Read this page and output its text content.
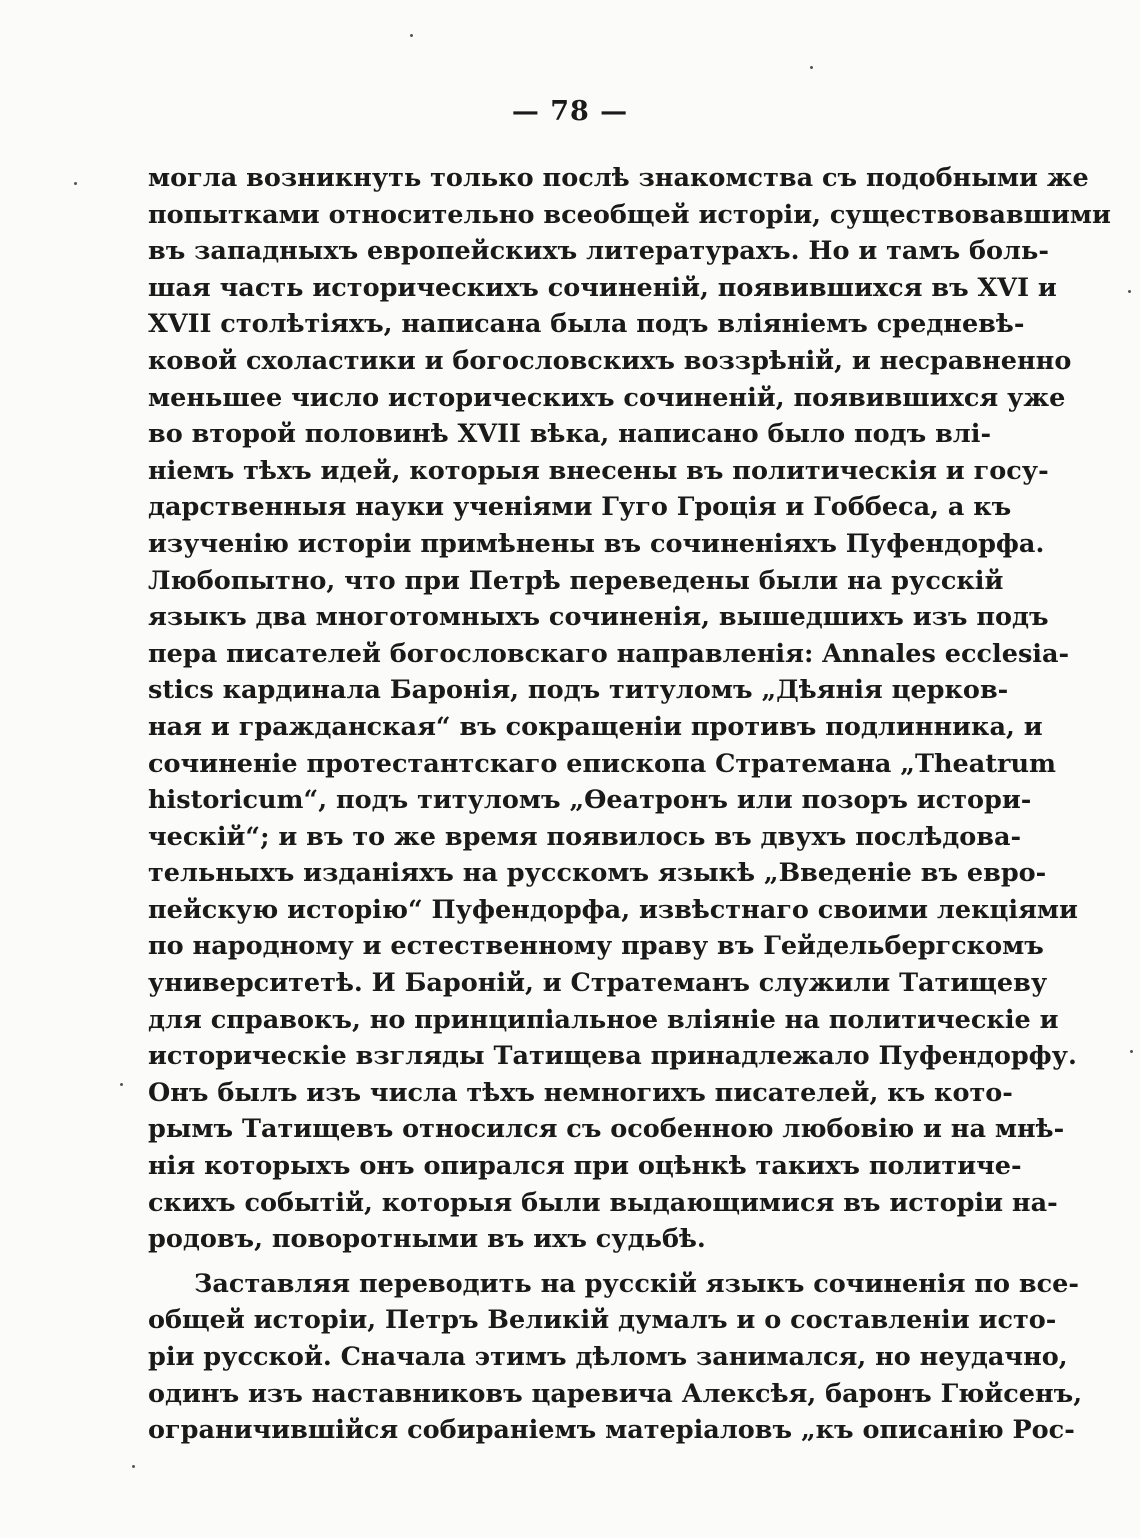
— 78 —
могла возникнуть только послѣ знакомства съ подобными же
попытками относительно всеобщей исторіи, существовавшими
въ западныхъ европейскихъ литературахъ. Но и тамъ боль-
шая часть историческихъ сочиненій, появившихся въ XVI и
XVII столѣтіяхъ, написана была подъ вліяніемъ средневѣ-
ковой схоластики и богословскихъ воззрѣній, и несравненно
меньшее число историческихъ сочиненій, появившихся уже
во второй половинѣ XVII вѣка, написано было подъ влі-
ніемъ тѣхъ идей, которыя внесены въ политическія и госу-
дарственныя науки ученіями Гуго Гроція и Гоббеса, а къ
изученію исторіи примѣнены въ сочиненіяхъ Пуфендорфа.
Любопытно, что при Петрѣ переведены были на русскій
языкъ два многотомныхъ сочиненія, вышедшихъ изъ подъ
пера писателей богословскаго направленія: Annales ecclesia-
stics кардинала Баронія, подъ титуломъ „Дѣянія церков-
ная и гражданская“ въ сокращеніи противъ подлинника, и
сочиненіе протестантскаго епископа Стратемана „Theatrum
historicum“, подъ титуломъ „Ѳеатронъ или позоръ истори-
ческій“; и въ то же время появилось въ двухъ послѣдова-
тельныхъ изданіяхъ на русскомъ языкѣ „Введеніе въ евро-
пейскую исторію“ Пуфендорфа, извѣстнаго своими лекціями
по народному и естественному праву въ Гейдельбергскомъ
университетѣ. И Бароній, и Стратеманъ служили Татищеву
для справокъ, но принципіальное вліяніе на политическіе и
историческіе взгляды Татищева принадлежало Пуфендорфу.
Онъ былъ изъ числа тѣхъ немногихъ писателей, къ кото-
рымъ Татищевъ относился съ особенною любовію и на мнѣ-
нія которыхъ онъ опирался при оцѣнкѣ такихъ политиче-
скихъ событій, которыя были выдающимися въ исторіи на-
родовъ, поворотными въ ихъ судьбѣ.
Заставляя переводить на русскій языкъ сочиненія по все-
общей исторіи, Петръ Великій думалъ и о составленіи исто-
ріи русской. Сначала этимъ дѣломъ занимался, но неудачно,
одинъ изъ наставниковъ царевича Алексѣя, баронъ Гюйсенъ,
ограничившійся собираніемъ матеріаловъ „къ описанію Рос-
